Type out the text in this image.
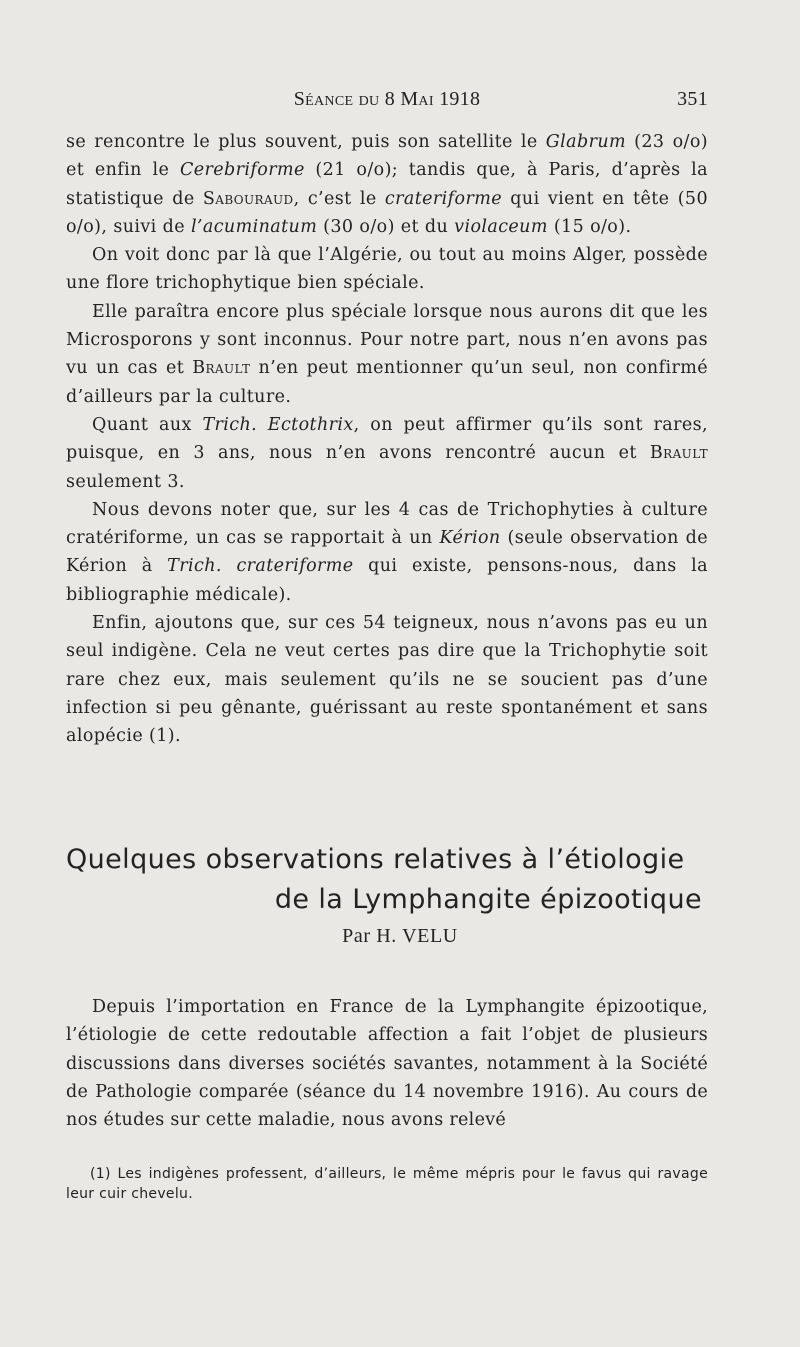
Séance du 8 Mai 1918	351

se rencontre le plus souvent, puis son satellite le Glabrum (23 o/o) et enfin le Cerebriforme (21 o/o); tandis que, à Paris, d’après la statistique de Sabouraud, c’est le crateriforme qui vient en tête (50 o/o), suivi de l’acuminatum (30 o/o) et du violaceum (15 o/o).

On voit donc par là que l’Algérie, ou tout au moins Alger, possède une flore trichophytique bien spéciale.

Elle paraîtra encore plus spéciale lorsque nous aurons dit que les Microsporons y sont inconnus. Pour notre part, nous n’en avons pas vu un cas et Brault n’en peut mentionner qu’un seul, non confirmé d’ailleurs par la culture.

Quant aux Trich. Ectothrix, on peut affirmer qu’ils sont rares, puisque, en 3 ans, nous n’en avons rencontré aucun et Brault seulement 3.

Nous devons noter que, sur les 4 cas de Trichophyties à culture cratériforme, un cas se rapportait à un Kérion (seule observation de Kérion à Trich. crateriforme qui existe, pensons-nous, dans la bibliographie médicale).

Enfin, ajoutons que, sur ces 54 teigneux, nous n’avons pas eu un seul indigène. Cela ne veut certes pas dire que la Trichophytie soit rare chez eux, mais seulement qu’ils ne se soucient pas d’une infection si peu gênante, guérissant au reste spontanément et sans alopécie (1).

Quelques observations relatives à l’étiologie
de la Lymphangite épizootique
Par H. VELU

Depuis l’importation en France de la Lymphangite épizootique, l’étiologie de cette redoutable affection a fait l’objet de plusieurs discussions dans diverses sociétés savantes, notamment à la Société de Pathologie comparée (séance du 14 novembre 1916). Au cours de nos études sur cette maladie, nous avons relevé

(1) Les indigènes professent, d’ailleurs, le même mépris pour le favus qui ravage leur cuir chevelu.
